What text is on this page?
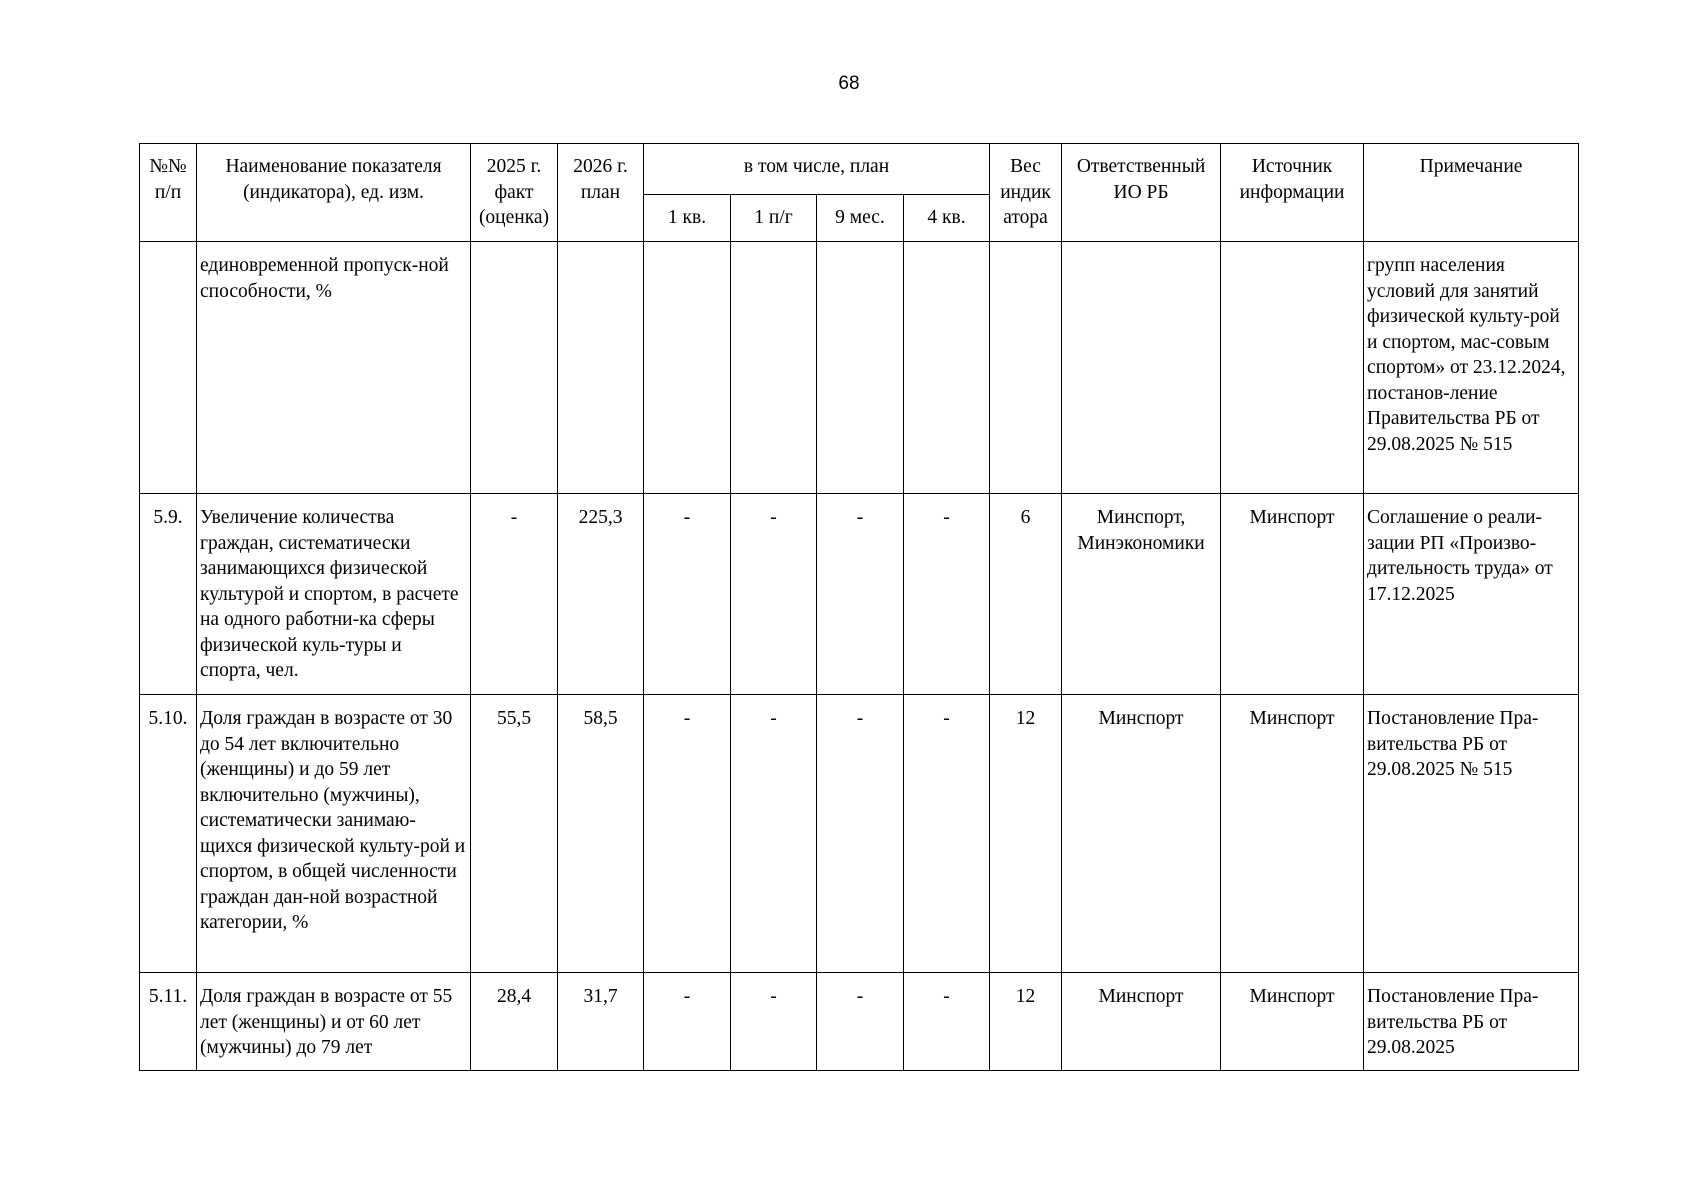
68
№№ п/п	Наименование показателя (индикатора), ед. изм.	2025 г. факт (оценка)	2026 г. план	в том числе, план				Вес индик атора	Ответственный ИО РБ	Источник информации	Примечание
				1 кв.	1 п/г	9 мес.	4 кв.				
	единовременной пропуск-ной способности, %										групп населения условий для занятий физической культу-рой и спортом, мас-совым спортом» от 23.12.2024, постанов-ление Правительства РБ от 29.08.2025 № 515
5.9.	Увеличение количества граждан, систематически занимающихся физической культурой и спортом, в расчете на одного работни-ка сферы физической куль-туры и спорта, чел.	-	225,3	-	-	-	-	6	Минспорт, Минэкономики	Минспорт	Соглашение о реали-зации РП «Произво-дительность труда» от 17.12.2025
5.10.	Доля граждан в возрасте от 30 до 54 лет включительно (женщины) и до 59 лет включительно (мужчины), систематически занимаю-щихся физической культу-рой и спортом, в общей численности граждан дан-ной возрастной категории, %	55,5	58,5	-	-	-	-	12	Минспорт	Минспорт	Постановление Пра-вительства РБ от 29.08.2025 № 515
5.11.	Доля граждан в возрасте от 55 лет (женщины) и от 60 лет (мужчины) до 79 лет	28,4	31,7	-	-	-	-	12	Минспорт	Минспорт	Постановление Пра-вительства РБ от 29.08.2025
